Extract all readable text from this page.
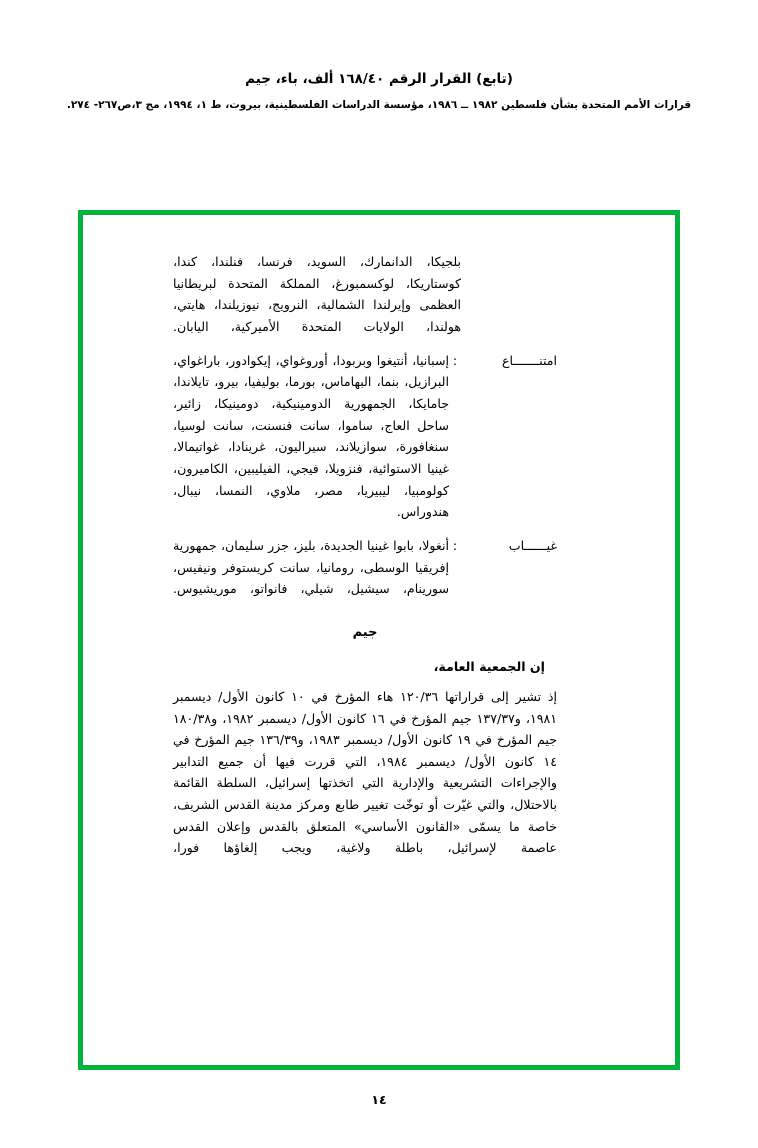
(تابع) القرار الرقم ١٦٨/٤٠ ألف، باء، جيم
قرارات الأمم المتحدة بشأن فلسطين ١٩٨٢ ــ ١٩٨٦، مؤسسة الدراسات الفلسطينية، بيروت، ط ١، ١٩٩٤، مج ٣،ص٢٦٧- ٢٧٤.
بلجيكا، الدانمارك، السويد، فرنسا، فنلندا، كندا، كوستاريكا، لوكسمبورغ، المملكة المتحدة لبريطانيا العظمى وإيرلندا الشمالية، النرويج، نيوزيلندا، هايتي، هولندا، الولايات المتحدة الأميركية، اليابان.
امتنـــــــاع
:
إسبانيا، أنتيغوا وبربودا، أوروغواي، إيكوادور، باراغواي، البرازيل، بنما، البهاماس، بورما، بوليفيا، بيرو، تايلاندا، جامايكا، الجمهورية الدومينيكية، دومينيكا، زائير، ساحل العاج، ساموا، سانت فنسنت، سانت لوسيا، سنغافورة، سوازيلاند، سيراليون، غرينادا، غواتيمالا، غينيا الاستوائية، فنزويلا، فيجي، الفيليبين، الكاميرون، كولومبيا، ليبيريا، مصر، ملاوي، النمسا، نيبال، هندوراس.
غيــــــاب
:
أنغولا، بابوا غينيا الجديدة، بليز، جزر سليمان، جمهورية إفريقيا الوسطى، رومانيا، سانت كريستوفر ونيفيس، سورينام، سيشيل، شيلي، فانواتو، موريشيوس.
جيم
إن الجمعية العامة،
إذ تشير إلى قراراتها ١٢٠/٣٦ هاء المؤرخ في ١٠ كانون الأول/ ديسمبر ١٩٨١، و١٣٧/٣٧ جيم المؤرخ في ١٦ كانون الأول/ ديسمبر ١٩٨٢، و١٨٠/٣٨ جيم المؤرخ في ١٩ كانون الأول/ ديسمبر ١٩٨٣، و١٣٦/٣٩ جيم المؤرخ في ١٤ كانون الأول/ ديسمبر ١٩٨٤، التي قررت فيها أن جميع التدابير والإجراءات التشريعية والإدارية التي اتخذتها إسرائيل، السلطة القائمة بالاحتلال، والتي غيّرت أو توخّت تغيير طابع ومركز مدينة القدس الشريف، خاصة ما يسمّى «القانون الأساسي» المتعلق بالقدس وإعلان القدس عاصمة لإسرائيل، باطلة ولاغية، ويجب إلغاؤها فورا،
١٤
